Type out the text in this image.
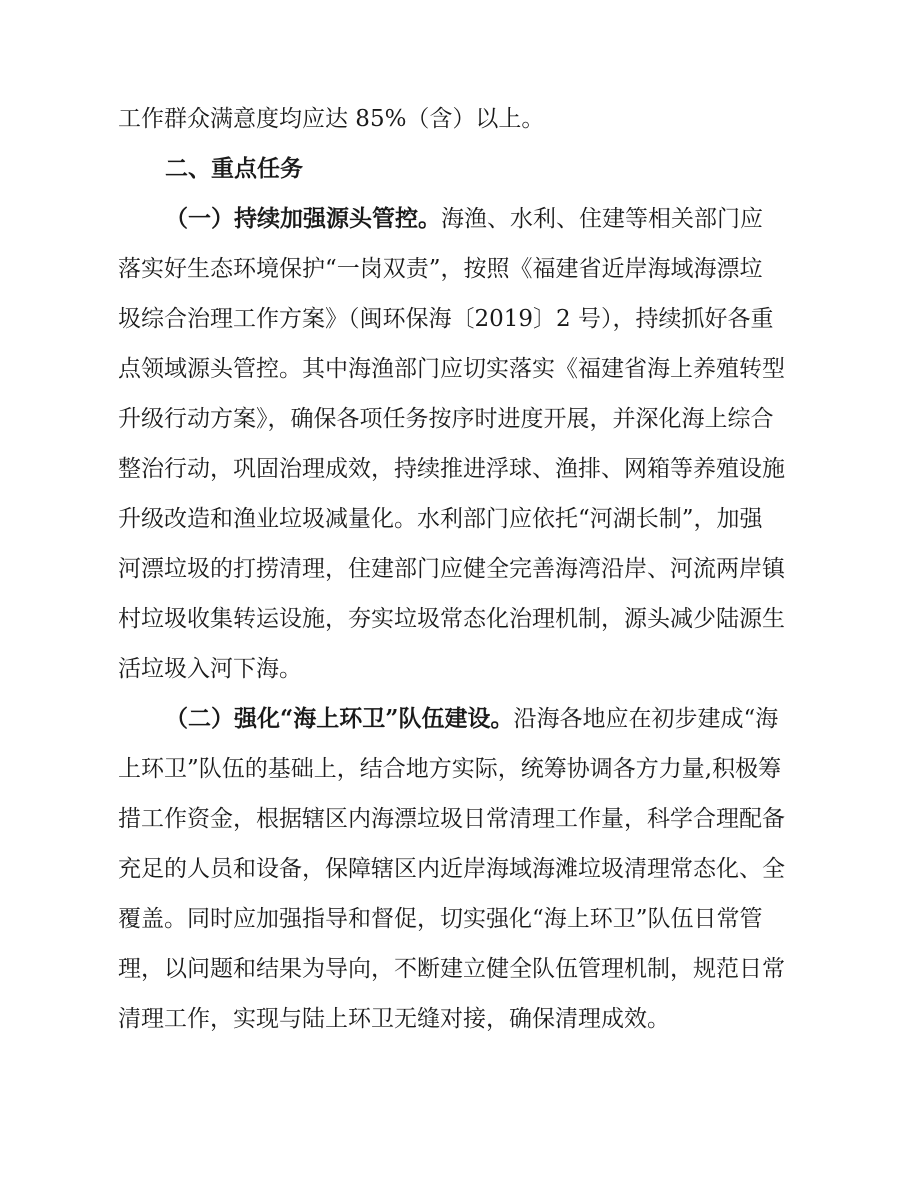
工作群众满意度均应达 85%（含）以上。
二、重点任务
（一）持续加强源头管控。海渔、水利、住建等相关部门应
落实好生态环境保护“一岗双责”，按照《福建省近岸海域海漂垃
圾综合治理工作方案》（闽环保海〔2019〕2 号），持续抓好各重
点领域源头管控。其中海渔部门应切实落实《福建省海上养殖转型
升级行动方案》，确保各项任务按序时进度开展，并深化海上综合
整治行动，巩固治理成效，持续推进浮球、渔排、网箱等养殖设施
升级改造和渔业垃圾减量化。水利部门应依托“河湖长制”，加强
河漂垃圾的打捞清理，住建部门应健全完善海湾沿岸、河流两岸镇
村垃圾收集转运设施，夯实垃圾常态化治理机制，源头减少陆源生
活垃圾入河下海。
（二）强化“海上环卫”队伍建设。沿海各地应在初步建成“海
上环卫”队伍的基础上，结合地方实际，统筹协调各方力量,积极筹
措工作资金，根据辖区内海漂垃圾日常清理工作量，科学合理配备
充足的人员和设备，保障辖区内近岸海域海滩垃圾清理常态化、全
覆盖。同时应加强指导和督促，切实强化“海上环卫”队伍日常管
理，以问题和结果为导向，不断建立健全队伍管理机制，规范日常
清理工作，实现与陆上环卫无缝对接，确保清理成效。
